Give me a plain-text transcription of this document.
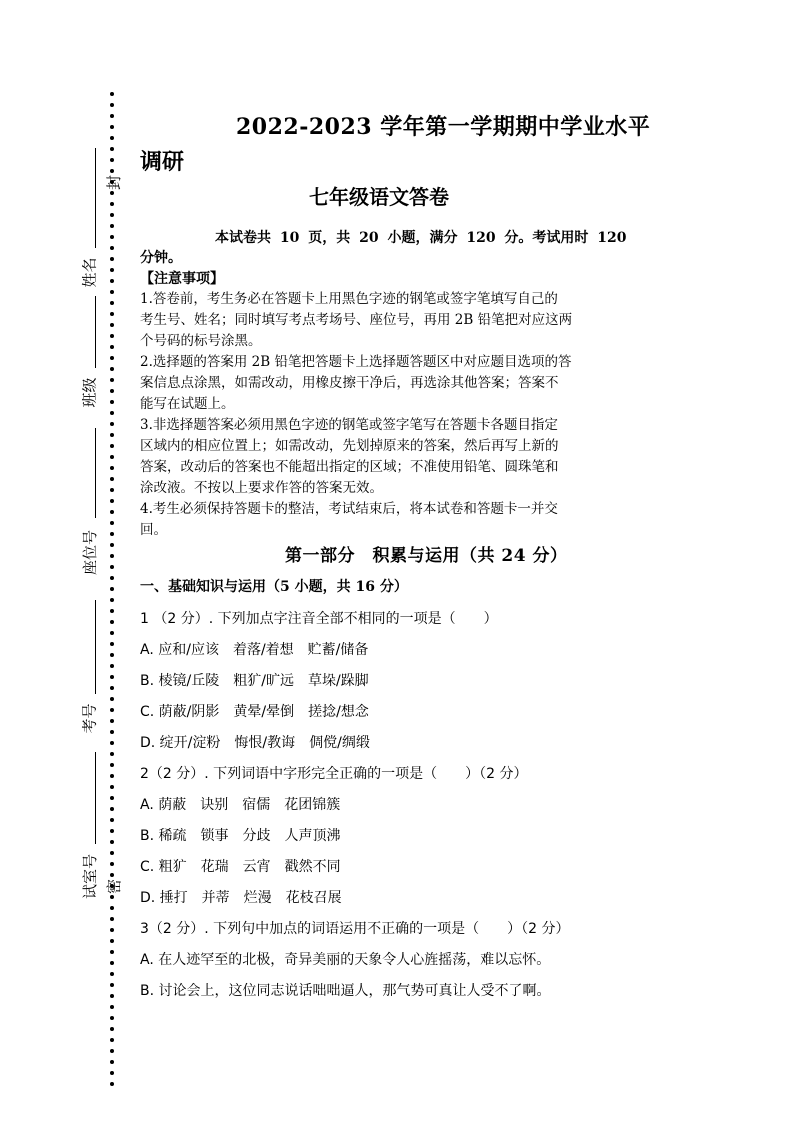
封
姓名
班级
座位号
考号
试室号 密
2022-2023 学年第一学期期中学业水平
调研
七年级语文答卷
本试卷共 10 页，共 20 小题，满分 120 分。考试用时 120
分钟。
【注意事项】
1.答卷前，考生务必在答题卡上用黑色字迹的钢笔或签字笔填写自己的
考生号、姓名；同时填写考点考场号、座位号，再用 2B 铅笔把对应这两
个号码的标号涂黑。
2.选择题的答案用 2B 铅笔把答题卡上选择题答题区中对应题目选项的答
案信息点涂黑，如需改动，用橡皮擦干净后，再选涂其他答案；答案不
能写在试题上。
3.非选择题答案必须用黑色字迹的钢笔或签字笔写在答题卡各题目指定
区域内的相应位置上；如需改动，先划掉原来的答案，然后再写上新的
答案，改动后的答案也不能超出指定的区域；不准使用铅笔、圆珠笔和
涂改液。不按以上要求作答的答案无效。
4.考生必须保持答题卡的整洁，考试结束后，将本试卷和答题卡一并交
回。
第一部分　积累与运用（共 24 分）
一、基础知识与运用（5 小题，共 16 分）
1 （2 分）. 下列加点字注音全部不相同的一项是（　　）
A. 应和/应该　着落/着想　贮蓄/储备
B. 棱镜/丘陵　粗犷/旷远　草垛/跺脚
C. 荫蔽/阴影　黄晕/晕倒　搓捻/想念
D. 绽开/淀粉　悔恨/教诲　倜傥/绸缎
2（2 分）. 下列词语中字形完全正确的一项是（　　）（2 分）
A. 荫蔽　诀别　宿儒　花团锦簇
B. 稀疏　锁事　分歧　人声顶沸
C. 粗犷　花瑞　云宵　戳然不同
D. 捶打　并蒂　烂漫　花枝召展
3（2 分）. 下列句中加点的词语运用不正确的一项是（　　）（2 分）
A. 在人迹罕至的北极，奇异美丽的天象令人心旌摇荡，难以忘怀。
B. 讨论会上，这位同志说话咄咄逼人，那气势可真让人受不了啊。
